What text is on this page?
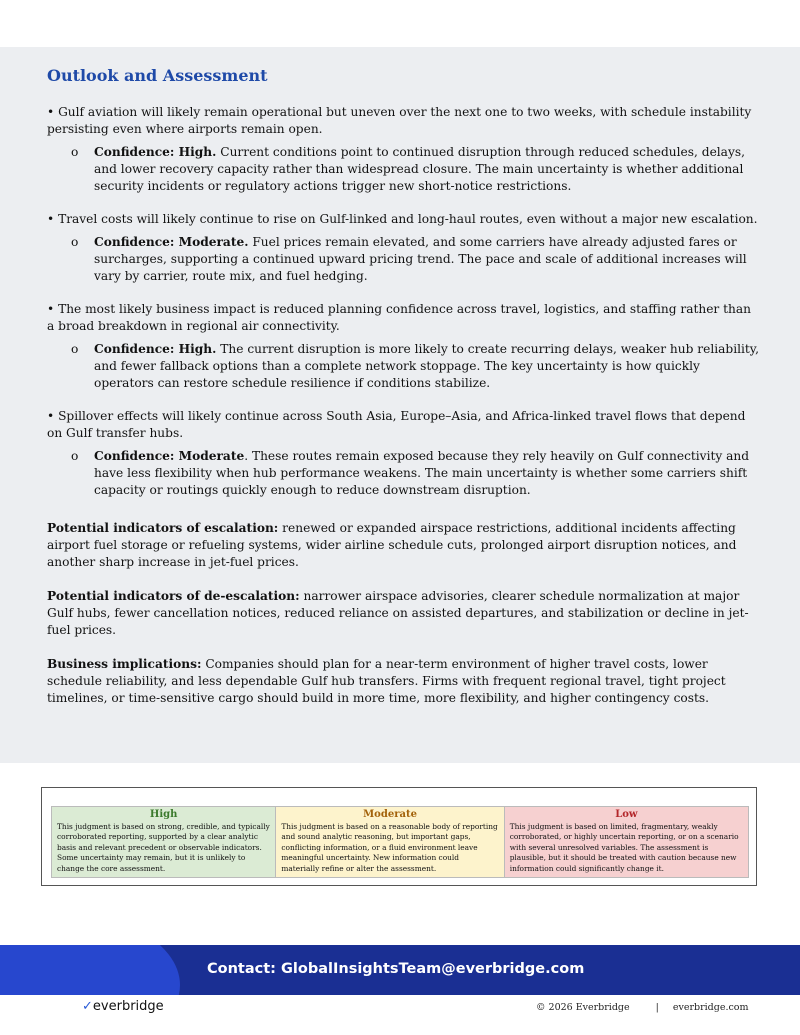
Outlook and Assessment

• Gulf aviation will likely remain operational but uneven over the next one to two weeks, with schedule instability persisting even where airports remain open.

o Confidence: High. Current conditions point to continued disruption through reduced schedules, delays, and lower recovery capacity rather than widespread closure. The main uncertainty is whether additional security incidents or regulatory actions trigger new short-notice restrictions.

• Travel costs will likely continue to rise on Gulf-linked and long-haul routes, even without a major new escalation.

o Confidence: Moderate. Fuel prices remain elevated, and some carriers have already adjusted fares or surcharges, supporting a continued upward pricing trend. The pace and scale of additional increases will vary by carrier, route mix, and fuel hedging.

• The most likely business impact is reduced planning confidence across travel, logistics, and staffing rather than a broad breakdown in regional air connectivity.

o Confidence: High. The current disruption is more likely to create recurring delays, weaker hub reliability, and fewer fallback options than a complete network stoppage. The key uncertainty is how quickly operators can restore schedule resilience if conditions stabilize.

• Spillover effects will likely continue across South Asia, Europe–Asia, and Africa-linked travel flows that depend on Gulf transfer hubs.

o Confidence: Moderate. These routes remain exposed because they rely heavily on Gulf connectivity and have less flexibility when hub performance weakens. The main uncertainty is whether some carriers shift capacity or routings quickly enough to reduce downstream disruption.

Potential indicators of escalation: renewed or expanded airspace restrictions, additional incidents affecting airport fuel storage or refueling systems, wider airline schedule cuts, prolonged airport disruption notices, and another sharp increase in jet-fuel prices.

Potential indicators of de-escalation: narrower airspace advisories, clearer schedule normalization at major Gulf hubs, fewer cancellation notices, reduced reliance on assisted departures, and stabilization or decline in jet-fuel prices.

Business implications: Companies should plan for a near-term environment of higher travel costs, lower schedule reliability, and less dependable Gulf hub transfers. Firms with frequent regional travel, tight project timelines, or time-sensitive cargo should build in more time, more flexibility, and higher contingency costs.

High
This judgment is based on strong, credible, and typically corroborated reporting, supported by a clear analytic basis and relevant precedent or observable indicators. Some uncertainty may remain, but it is unlikely to change the core assessment.
Moderate
This judgment is based on a reasonable body of reporting and sound analytic reasoning, but important gaps, conflicting information, or a fluid environment leave meaningful uncertainty. New information could materially refine or alter the assessment.
Low
This judgment is based on limited, fragmentary, weakly corroborated, or highly uncertain reporting, or on a scenario with several unresolved variables. The assessment is plausible, but it should be treated with caution because new information could significantly change it.
Contact: GlobalInsightsTeam@everbridge.com
✓everbridge	© 2026 Everbridge	| everbridge.com
